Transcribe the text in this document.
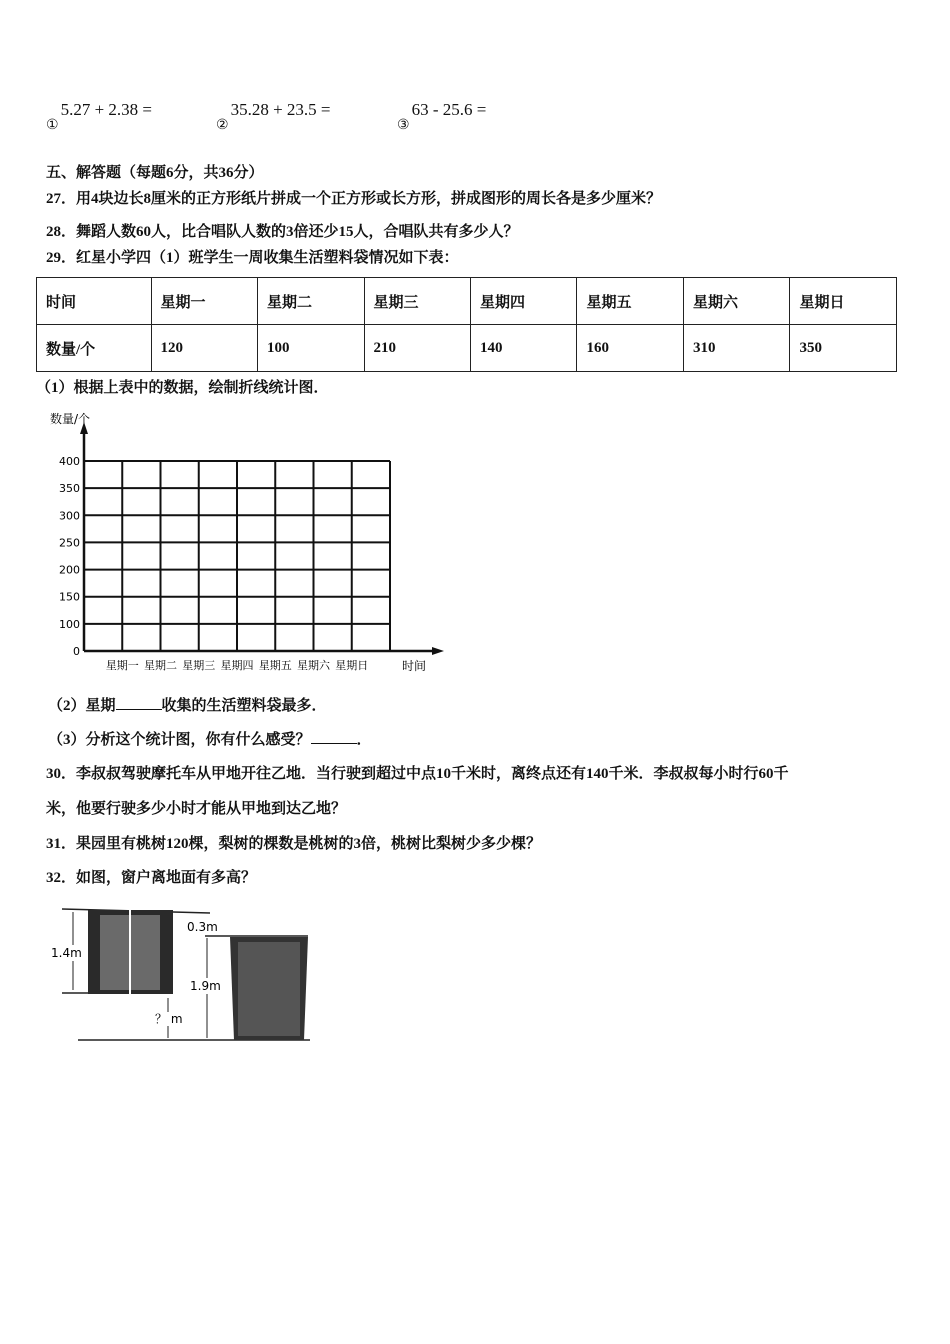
$_①$5.27 + 2.38 =
$_②$35.28 + 23.5 =
$_③$63 - 25.6 =
五、解答题（每题6分，共36分）
27．用4块边长8厘米的正方形纸片拼成一个正方形或长方形，拼成图形的周长各是多少厘米？
28．舞蹈人数60人，比合唱队人数的3倍还少15人，合唱队共有多少人？
29．红星小学四（1）班学生一周收集生活塑料袋情况如下表：
时间	星期一	星期二	星期三	星期四	星期五	星期六	星期日
数量/个	120	100	210	140	160	310	350
（1）根据上表中的数据，绘制折线统计图．
400
350
300
250
200
150
100
0
星期一 星期二 星期三 星期四 星期五 星期六 星期日
数量/个
时间
（2）星期	收集的生活塑料袋最多．
（3）分析这个统计图，你有什么感受？	．
30．李叔叔驾驶摩托车从甲地开往乙地．当行驶到超过中点10千米时，离终点还有140千米．李叔叔每小时行60千
米，他要行驶多少小时才能从甲地到达乙地？
31．果园里有桃树120棵，梨树的棵数是桃树的3倍，桃树比梨树少多少棵？
32．如图，窗户离地面有多高？
1.4m
0.3m
1.9m
？ m
